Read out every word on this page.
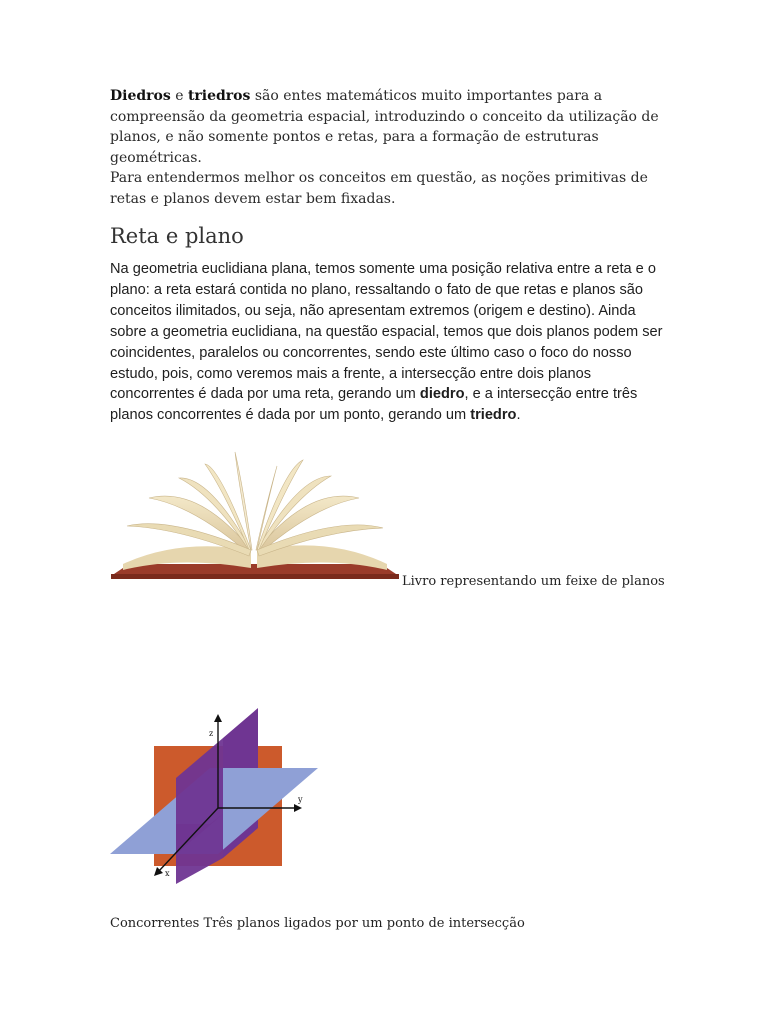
Diedros e triedros são entes matemáticos muito importantes para a compreensão da geometria espacial, introduzindo o conceito da utilização de planos, e não somente pontos e retas, para a formação de estruturas geométricas.
Para entendermos melhor os conceitos em questão, as noções primitivas de retas e planos devem estar bem fixadas.
Reta e plano
Na geometria euclidiana plana, temos somente uma posição relativa entre a reta e o plano: a reta estará contida no plano, ressaltando o fato de que retas e planos são conceitos ilimitados, ou seja, não apresentam extremos (origem e destino). Ainda sobre a geometria euclidiana, na questão espacial, temos que dois planos podem ser coincidentes, paralelos ou concorrentes, sendo este último caso o foco do nosso estudo, pois, como veremos mais a frente, a intersecção entre dois planos concorrentes é dada por uma reta, gerando um diedro, e a intersecção entre três planos concorrentes é dada por um ponto, gerando um triedro.
Livro representando um feixe de planos
z
y
x
Concorrentes Três planos ligados por um ponto de intersecção
